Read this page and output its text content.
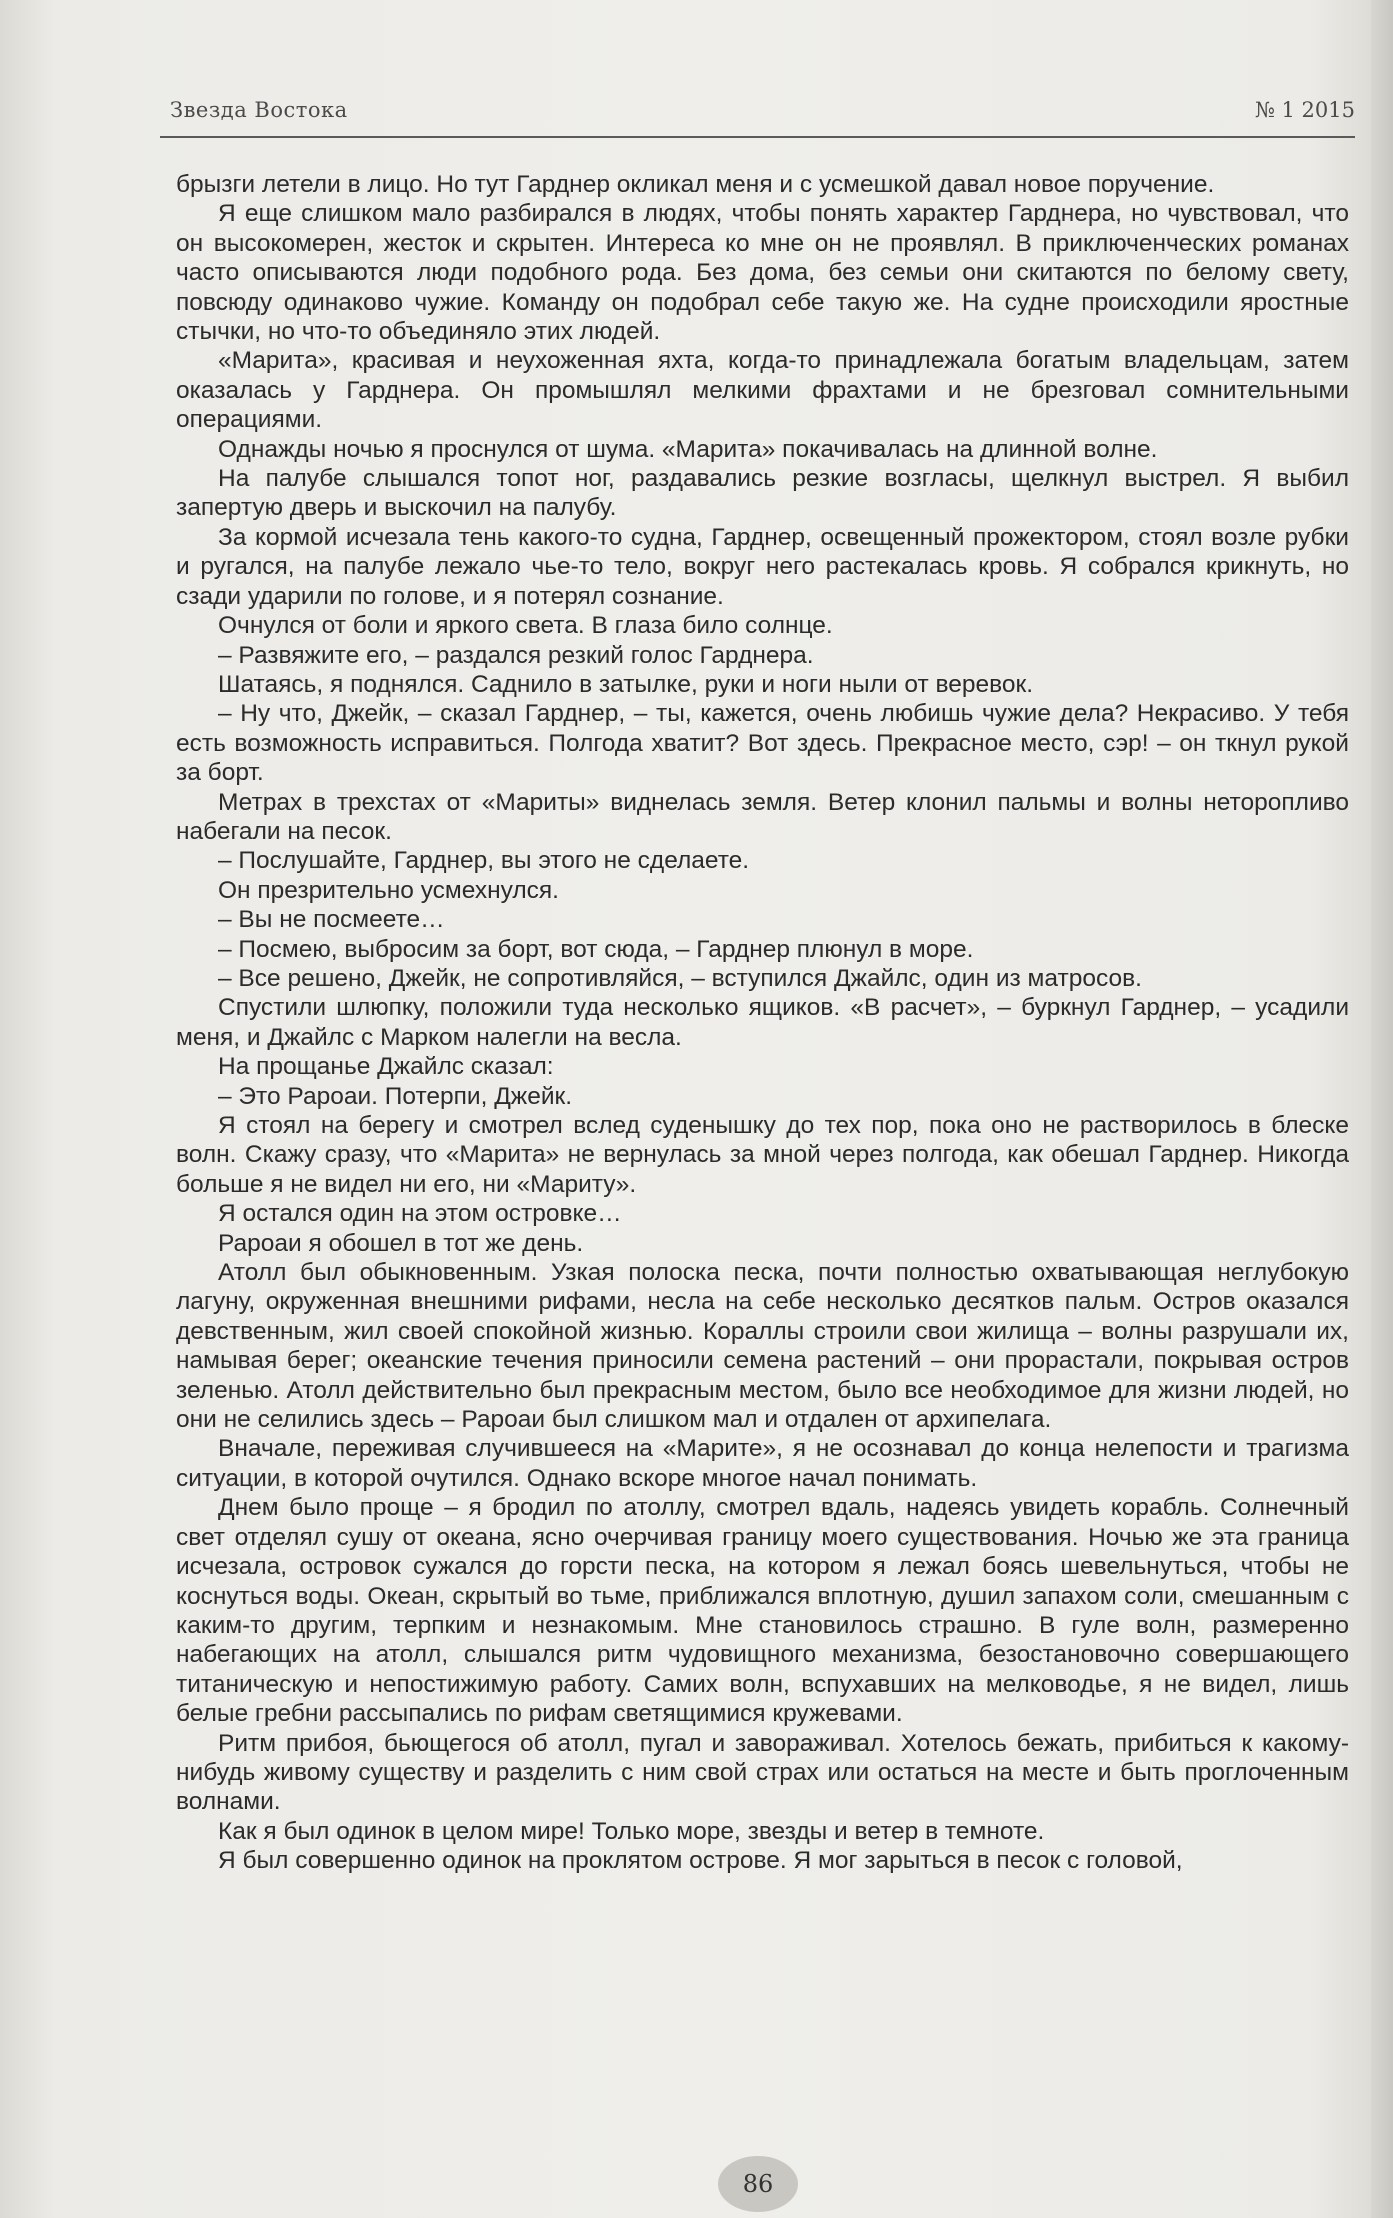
Звезда Востока	№ 1 2015

брызги летели в лицо. Но тут Гарднер окликал меня и с усмешкой давал новое поручение.

Я еще слишком мало разбирался в людях, чтобы понять характер Гарднера, но чувствовал, что он высокомерен, жесток и скрытен. Интереса ко мне он не проявлял. В приключенческих романах часто описываются люди подобного рода. Без дома, без семьи они скитаются по белому свету, повсюду одинаково чужие. Команду он подобрал себе такую же. На судне происходили яростные стычки, но что-то объединяло этих людей.

«Марита», красивая и неухоженная яхта, когда-то принадлежала богатым владельцам, затем оказалась у Гарднера. Он промышлял мелкими фрахтами и не брезговал сомнительными операциями.

Однажды ночью я проснулся от шума. «Марита» покачивалась на длинной волне.

На палубе слышался топот ног, раздавались резкие возгласы, щелкнул выстрел. Я выбил запертую дверь и выскочил на палубу.

За кормой исчезала тень какого-то судна, Гарднер, освещенный прожектором, стоял возле рубки и ругался, на палубе лежало чье-то тело, вокруг него растекалась кровь. Я собрался крикнуть, но сзади ударили по голове, и я потерял сознание.

Очнулся от боли и яркого света. В глаза било солнце.

– Развяжите его, – раздался резкий голос Гарднера.

Шатаясь, я поднялся. Саднило в затылке, руки и ноги ныли от веревок.

– Ну что, Джейк, – сказал Гарднер, – ты, кажется, очень любишь чужие дела? Некрасиво. У тебя есть возможность исправиться. Полгода хватит? Вот здесь. Прекрасное место, сэр! – он ткнул рукой за борт.

Метрах в трехстах от «Мариты» виднелась земля. Ветер клонил пальмы и волны неторопливо набегали на песок.

– Послушайте, Гарднер, вы этого не сделаете.

Он презрительно усмехнулся.

– Вы не посмеете…

– Посмею, выбросим за борт, вот сюда, – Гарднер плюнул в море.

– Все решено, Джейк, не сопротивляйся, – вступился Джайлс, один из матросов.

Спустили шлюпку, положили туда несколько ящиков. «В расчет», – буркнул Гарднер, – усадили меня, и Джайлс с Марком налегли на весла.

На прощанье Джайлс сказал:

– Это Рароаи. Потерпи, Джейк.

Я стоял на берегу и смотрел вслед суденышку до тех пор, пока оно не растворилось в блеске волн. Скажу сразу, что «Марита» не вернулась за мной через полгода, как обешал Гарднер. Никогда больше я не видел ни его, ни «Мариту».

Я остался один на этом островке…

Рароаи я обошел в тот же день.

Атолл был обыкновенным. Узкая полоска песка, почти полностью охватывающая неглубокую лагуну, окруженная внешними рифами, несла на себе несколько десятков пальм. Остров оказался девственным, жил своей спокойной жизнью. Кораллы строили свои жилища – волны разрушали их, намывая берег; океанские течения приносили семена растений – они прорастали, покрывая остров зеленью. Атолл действительно был прекрасным местом, было все необходимое для жизни людей, но они не селились здесь – Рароаи был слишком мал и отдален от архипелага.

Вначале, переживая случившееся на «Марите», я не осознавал до конца нелепости и трагизма ситуации, в которой очутился. Однако вскоре многое начал понимать.

Днем было проще – я бродил по атоллу, смотрел вдаль, надеясь увидеть корабль. Солнечный свет отделял сушу от океана, ясно очерчивая границу моего существования. Ночью же эта граница исчезала, островок сужался до горсти песка, на котором я лежал боясь шевельнуться, чтобы не коснуться воды. Океан, скрытый во тьме, приближался вплотную, душил запахом соли, смешанным с каким-то другим, терпким и незнакомым. Мне становилось страшно. В гуле волн, размеренно набегающих на атолл, слышался ритм чудовищного механизма, безостановочно совершающего титаническую и непостижимую работу. Самих волн, вспухавших на мелководье, я не видел, лишь белые гребни рассыпались по рифам светящимися кружевами.

Ритм прибоя, бьющегося об атолл, пугал и завораживал. Хотелось бежать, прибиться к какому-нибудь живому существу и разделить с ним свой страх или остаться на месте и быть проглоченным волнами.

Как я был одинок в целом мире! Только море, звезды и ветер в темноте.

Я был совершенно одинок на проклятом острове. Я мог зарыться в песок с головой,

86
